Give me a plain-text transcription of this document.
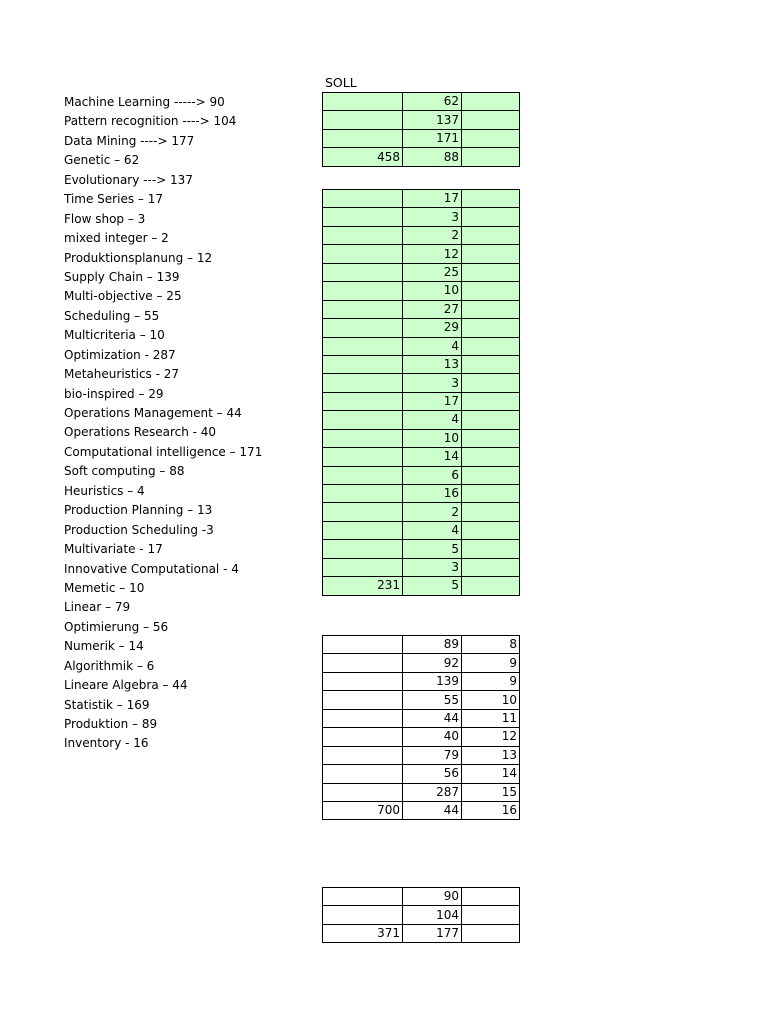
SOLL
Machine Learning -----> 90
Pattern recognition ----> 104
Data Mining ----> 177
Genetic – 62
Evolutionary ---> 137
Time Series – 17
Flow shop – 3
mixed integer – 2
Produktionsplanung – 12
Supply Chain – 139
Multi-objective – 25
Scheduling – 55
Multicriteria – 10
Optimization - 287
Metaheuristics - 27
bio-inspired – 29
Operations Management – 44
Operations Research - 40
Computational intelligence – 171
Soft computing – 88
Heuristics – 4
Production Planning – 13
Production Scheduling -3
Multivariate - 17
Innovative Computational - 4
Memetic – 10
Linear – 79
Optimierung – 56
Numerik – 14
Algorithmik – 6
Lineare Algebra – 44
Statistik – 169
Produktion – 89
Inventory - 16
	62	
	137	
	171	
458	88	
	17	
	3	
	2	
	12	
	25	
	10	
	27	
	29	
	4	
	13	
	3	
	17	
	4	
	10	
	14	
	6	
	16	
	2	
	4	
	5	
	3	
231	5	
	89	8
	92	9
	139	9
	55	10
	44	11
	40	12
	79	13
	56	14
	287	15
700	44	16
	90	
	104	
371	177	
